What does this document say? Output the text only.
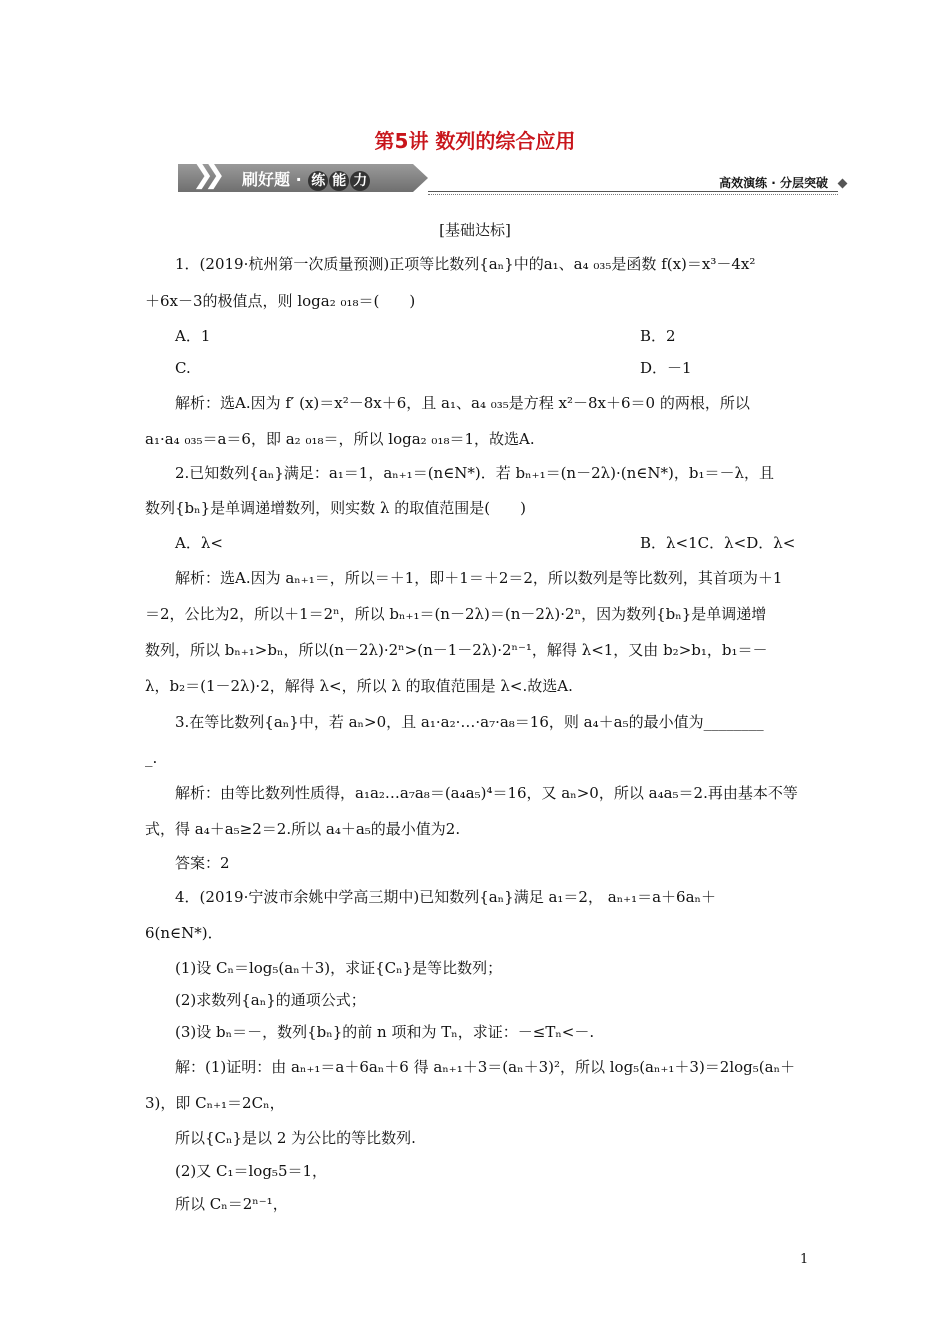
第5讲 数列的综合应用
❯❯ 刷好题 · 练 能 力	高效演练 · 分层突破
[基础达标]
1．(2019·杭州第一次质量预测)正项等比数列{aₙ}中的a₁、a₄ ₀₃₅是函数 f(x)＝x³－4x²
＋6x－3的极值点，则 loga₂ ₀₁₈＝(　　)
A．1	B．2
C.	D．－1
解析：选A.因为 f′ (x)＝x²－8x＋6，且 a₁、a₄ ₀₃₅是方程 x²－8x＋6＝0 的两根，所以
a₁·a₄ ₀₃₅＝a＝6，即 a₂ ₀₁₈＝，所以 loga₂ ₀₁₈＝1，故选A.
2.已知数列{aₙ}满足：a₁＝1，aₙ₊₁＝(n∈N*)．若 bₙ₊₁＝(n－2λ)·(n∈N*)，b₁＝－λ，且
数列{bₙ}是单调递增数列，则实数 λ 的取值范围是(　　)
A．λ<	B．λ<1C．λ<D．λ<
解析：选A.因为 aₙ₊₁＝，所以＝＋1，即＋1＝＋2＝2，所以数列是等比数列，其首项为＋1
＝2，公比为2，所以＋1＝2ⁿ，所以 bₙ₊₁＝(n－2λ)＝(n－2λ)·2ⁿ，因为数列{bₙ}是单调递增
数列，所以 bₙ₊₁>bₙ，所以(n－2λ)·2ⁿ>(n－1－2λ)·2ⁿ⁻¹，解得 λ<1，又由 b₂>b₁，b₁＝－
λ，b₂＝(1－2λ)·2，解得 λ<，所以 λ 的取值范围是 λ<.故选A.
3.在等比数列{aₙ}中，若 aₙ>0，且 a₁·a₂·…·a₇·a₈＝16，则 a₄＋a₅的最小值为________
_.
解析：由等比数列性质得，a₁a₂…a₇a₈＝(a₄a₅)⁴＝16，又 aₙ>0，所以 a₄a₅＝2.再由基本不等
式，得 a₄＋a₅≥2＝2.所以 a₄＋a₅的最小值为2.
答案：2
4．(2019·宁波市余姚中学高三期中)已知数列{aₙ}满足 a₁＝2， aₙ₊₁＝a＋6aₙ＋
6(n∈N*)．
(1)设 Cₙ＝log₅(aₙ＋3)，求证{Cₙ}是等比数列；
(2)求数列{aₙ}的通项公式；
(3)设 bₙ＝－，数列{bₙ}的前 n 项和为 Tₙ，求证：－≤Tₙ<－.
解：(1)证明：由 aₙ₊₁＝a＋6aₙ＋6 得 aₙ₊₁＋3＝(aₙ＋3)²，所以 log₅(aₙ₊₁＋3)＝2log₅(aₙ＋
3)，即 Cₙ₊₁＝2Cₙ，
所以{Cₙ}是以 2 为公比的等比数列.
(2)又 C₁＝log₅5＝1，
所以 Cₙ＝2ⁿ⁻¹，
1
